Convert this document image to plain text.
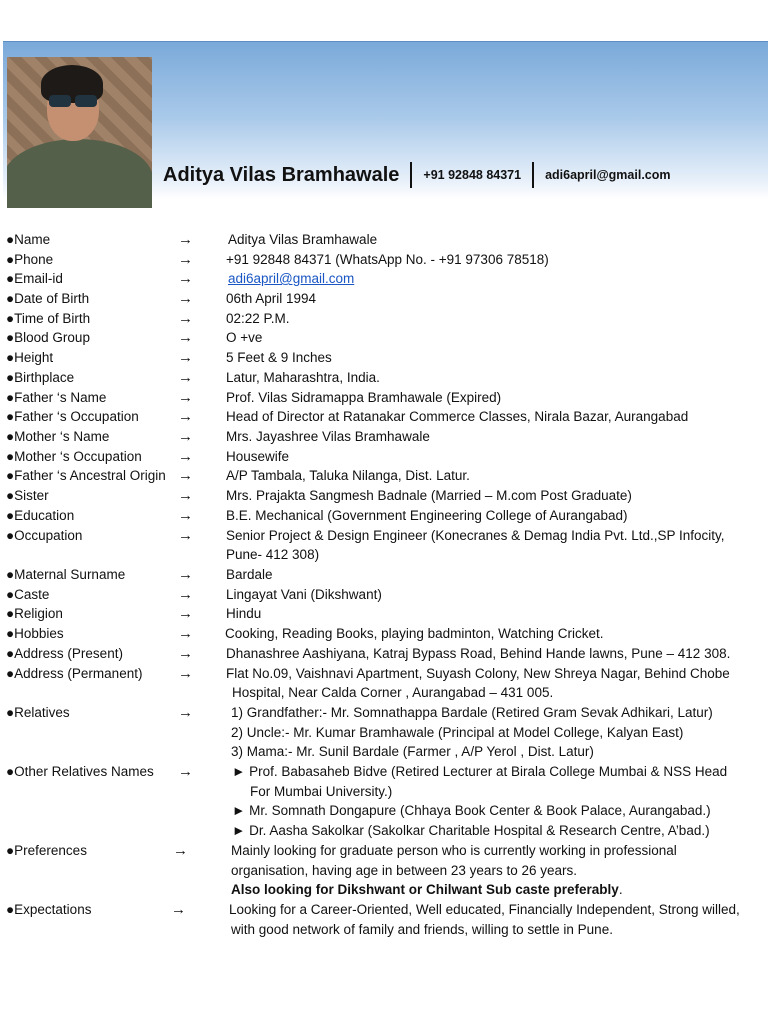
Aditya Vilas Bramhawale +91 92848 84371 adi6april@gmail.com
●Name	→	Aditya Vilas Bramhawale
●Phone	→ +91 92848 84371 (WhatsApp No. - +91 97306 78518)
●Email-id	→	adi6april@gmail.com
●Date of Birth	→ 06th April 1994
●Time of Birth	→ 02:22 P.M.
●Blood Group	→ O +ve
●Height	→ 5 Feet & 9 Inches
●Birthplace	→ Latur, Maharashtra, India.
●Father ‘s Name	→ Prof. Vilas Sidramappa Bramhawale (Expired)
●Father ‘s Occupation	→ Head of Director at Ratanakar Commerce Classes, Nirala Bazar, Aurangabad
●Mother ‘s Name	→ Mrs. Jayashree Vilas Bramhawale
●Mother ‘s Occupation → Housewife
●Father ‘s Ancestral Origin → A/P Tambala, Taluka Nilanga, Dist. Latur.
●Sister	→ Mrs. Prajakta Sangmesh Badnale (Married – M.com Post Graduate)
●Education	→ B.E. Mechanical (Government Engineering College of Aurangabad)
●Occupation	→ Senior Project & Design Engineer (Konecranes & Demag India Pvt. Ltd.,SP Infocity,
Pune- 412 308)
●Maternal Surname	→ Bardale
●Caste	→ Lingayat Vani (Dikshwant)
●Religion	→ Hindu
●Hobbies	→ Cooking, Reading Books, playing badminton, Watching Cricket.
●Address (Present)	→ Dhanashree Aashiyana, Katraj Bypass Road, Behind Hande lawns, Pune – 412 308.
●Address (Permanent) → Flat No.09, Vaishnavi Apartment, Suyash Colony, New Shreya Nagar, Behind Chobe
Hospital, Near Calda Corner , Aurangabad – 431 005.
●Relatives	→	1) Grandfather:- Mr. Somnathappa Bardale (Retired Gram Sevak Adhikari, Latur)
2) Uncle:- Mr. Kumar Bramhawale (Principal at Model College, Kalyan East)
3) Mama:- Mr. Sunil Bardale (Farmer , A/P Yerol , Dist. Latur)
●Other Relatives Names →	► Prof. Babasaheb Bidve (Retired Lecturer at Birala College Mumbai & NSS Head
For Mumbai University.)
► Mr. Somnath Dongapure (Chhaya Book Center & Book Palace, Aurangabad.)
► Dr. Aasha Sakolkar (Sakolkar Charitable Hospital & Research Centre, A’bad.)
●Preferences	→	Mainly looking for graduate person who is currently working in professional
organisation, having age in between 23 years to 26 years.
Also looking for Dikshwant or Chilwant Sub caste preferably.
●Expectations	→	Looking for a Career-Oriented, Well educated, Financially Independent, Strong willed,
with good network of family and friends, willing to settle in Pune.
